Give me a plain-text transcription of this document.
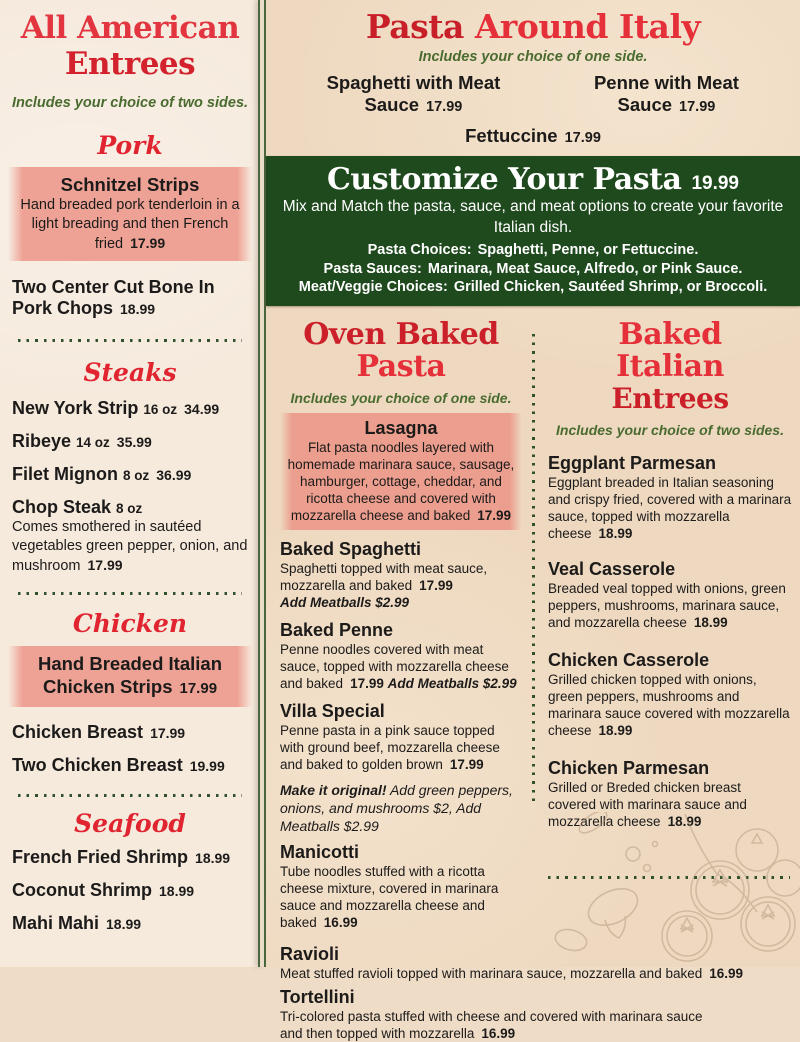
All American
Entrees
Includes your choice of two sides.
Pork
Schnitzel Strips
Hand breaded pork tenderloin in a light breading and then French fried 17.99
Two Center Cut Bone In Pork Chops 18.99
Steaks
New York Strip 16 oz 34.99
Ribeye 14 oz 35.99
Filet Mignon 8 oz 36.99
Chop Steak 8 oz
Comes smothered in sautéed vegetables green pepper, onion, and mushroom 17.99
Chicken
Hand Breaded Italian Chicken Strips 17.99
Chicken Breast 17.99
Two Chicken Breast 19.99
Seafood
French Fried Shrimp 18.99
Coconut Shrimp 18.99
Mahi Mahi 18.99
Pasta Around Italy
Includes your choice of one side.
Spaghetti with Meat Sauce 17.99
Penne with Meat Sauce 17.99
Fettuccine 17.99
Customize Your Pasta 19.99
Mix and Match the pasta, sauce, and meat options to create your favorite Italian dish.
Pasta Choices: Spaghetti, Penne, or Fettuccine.
Pasta Sauces: Marinara, Meat Sauce, Alfredo, or Pink Sauce.
Meat/Veggie Choices: Grilled Chicken, Sautéed Shrimp, or Broccoli.
Oven Baked
Pasta
Includes your choice of one side.
Lasagna
Flat pasta noodles layered with homemade marinara sauce, sausage, hamburger, cottage, cheddar, and ricotta cheese and covered with mozzarella cheese and baked 17.99
Baked Spaghetti
Spaghetti topped with meat sauce, mozzarella and baked 17.99
Add Meatballs $2.99
Baked Penne
Penne noodles covered with meat sauce, topped with mozzarella cheese and baked 17.99 Add Meatballs $2.99
Villa Special
Penne pasta in a pink sauce topped with ground beef, mozzarella cheese and baked to golden brown 17.99
Make it original! Add green peppers, onions, and mushrooms $2, Add Meatballs $2.99
Manicotti
Tube noodles stuffed with a ricotta cheese mixture, covered in marinara sauce and mozzarella cheese and baked 16.99
Baked
Italian
Entrees
Includes your choice of two sides.
Eggplant Parmesan
Eggplant breaded in Italian seasoning and crispy fried, covered with a marinara sauce, topped with mozzarella cheese 18.99
Veal Casserole
Breaded veal topped with onions, green peppers, mushrooms, marinara sauce, and mozzarella cheese 18.99
Chicken Casserole
Grilled chicken topped with onions, green peppers, mushrooms and marinara sauce covered with mozzarella cheese 18.99
Chicken Parmesan
Grilled or Breded chicken breast covered with marinara sauce and mozzarella cheese 18.99
Ravioli
Meat stuffed ravioli topped with marinara sauce, mozzarella and baked 16.99
Tortellini
Tri-colored pasta stuffed with cheese and covered with marinara sauce and then topped with mozzarella 16.99
